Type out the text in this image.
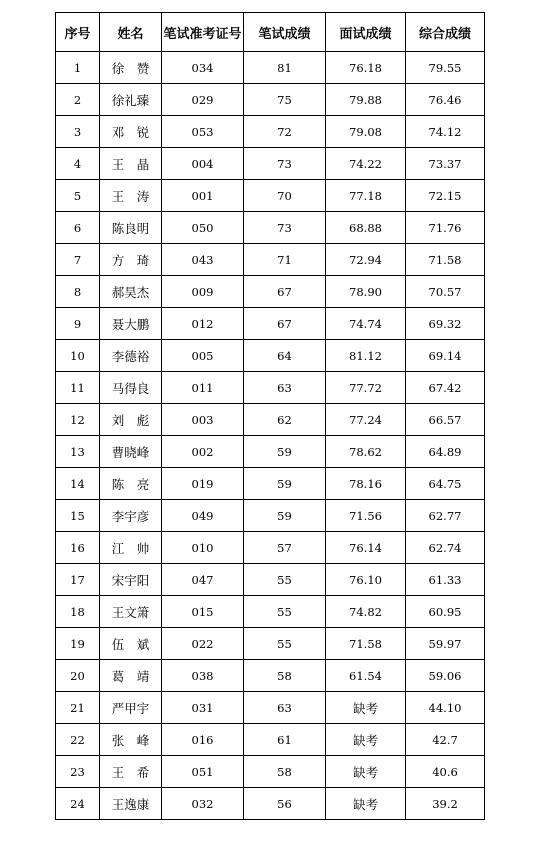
序号	姓名	笔试准考证号	笔试成绩	面试成绩	综合成绩
1	徐　赞	034	81	76.18	79.55
2	徐礼臻	029	75	79.88	76.46
3	邓　锐	053	72	79.08	74.12
4	王　晶	004	73	74.22	73.37
5	王　涛	001	70	77.18	72.15
6	陈良明	050	73	68.88	71.76
7	方　琦	043	71	72.94	71.58
8	郝昊杰	009	67	78.90	70.57
9	聂大鹏	012	67	74.74	69.32
10	李德裕	005	64	81.12	69.14
11	马得良	011	63	77.72	67.42
12	刘　彪	003	62	77.24	66.57
13	曹晓峰	002	59	78.62	64.89
14	陈　亮	019	59	78.16	64.75
15	李宇彦	049	59	71.56	62.77
16	江　帅	010	57	76.14	62.74
17	宋宇阳	047	55	76.10	61.33
18	王文箫	015	55	74.82	60.95
19	伍　斌	022	55	71.58	59.97
20	葛　靖	038	58	61.54	59.06
21	严甲宇	031	63	缺考	44.10
22	张　峰	016	61	缺考	42.7
23	王　希	051	58	缺考	40.6
24	王逸康	032	56	缺考	39.2
